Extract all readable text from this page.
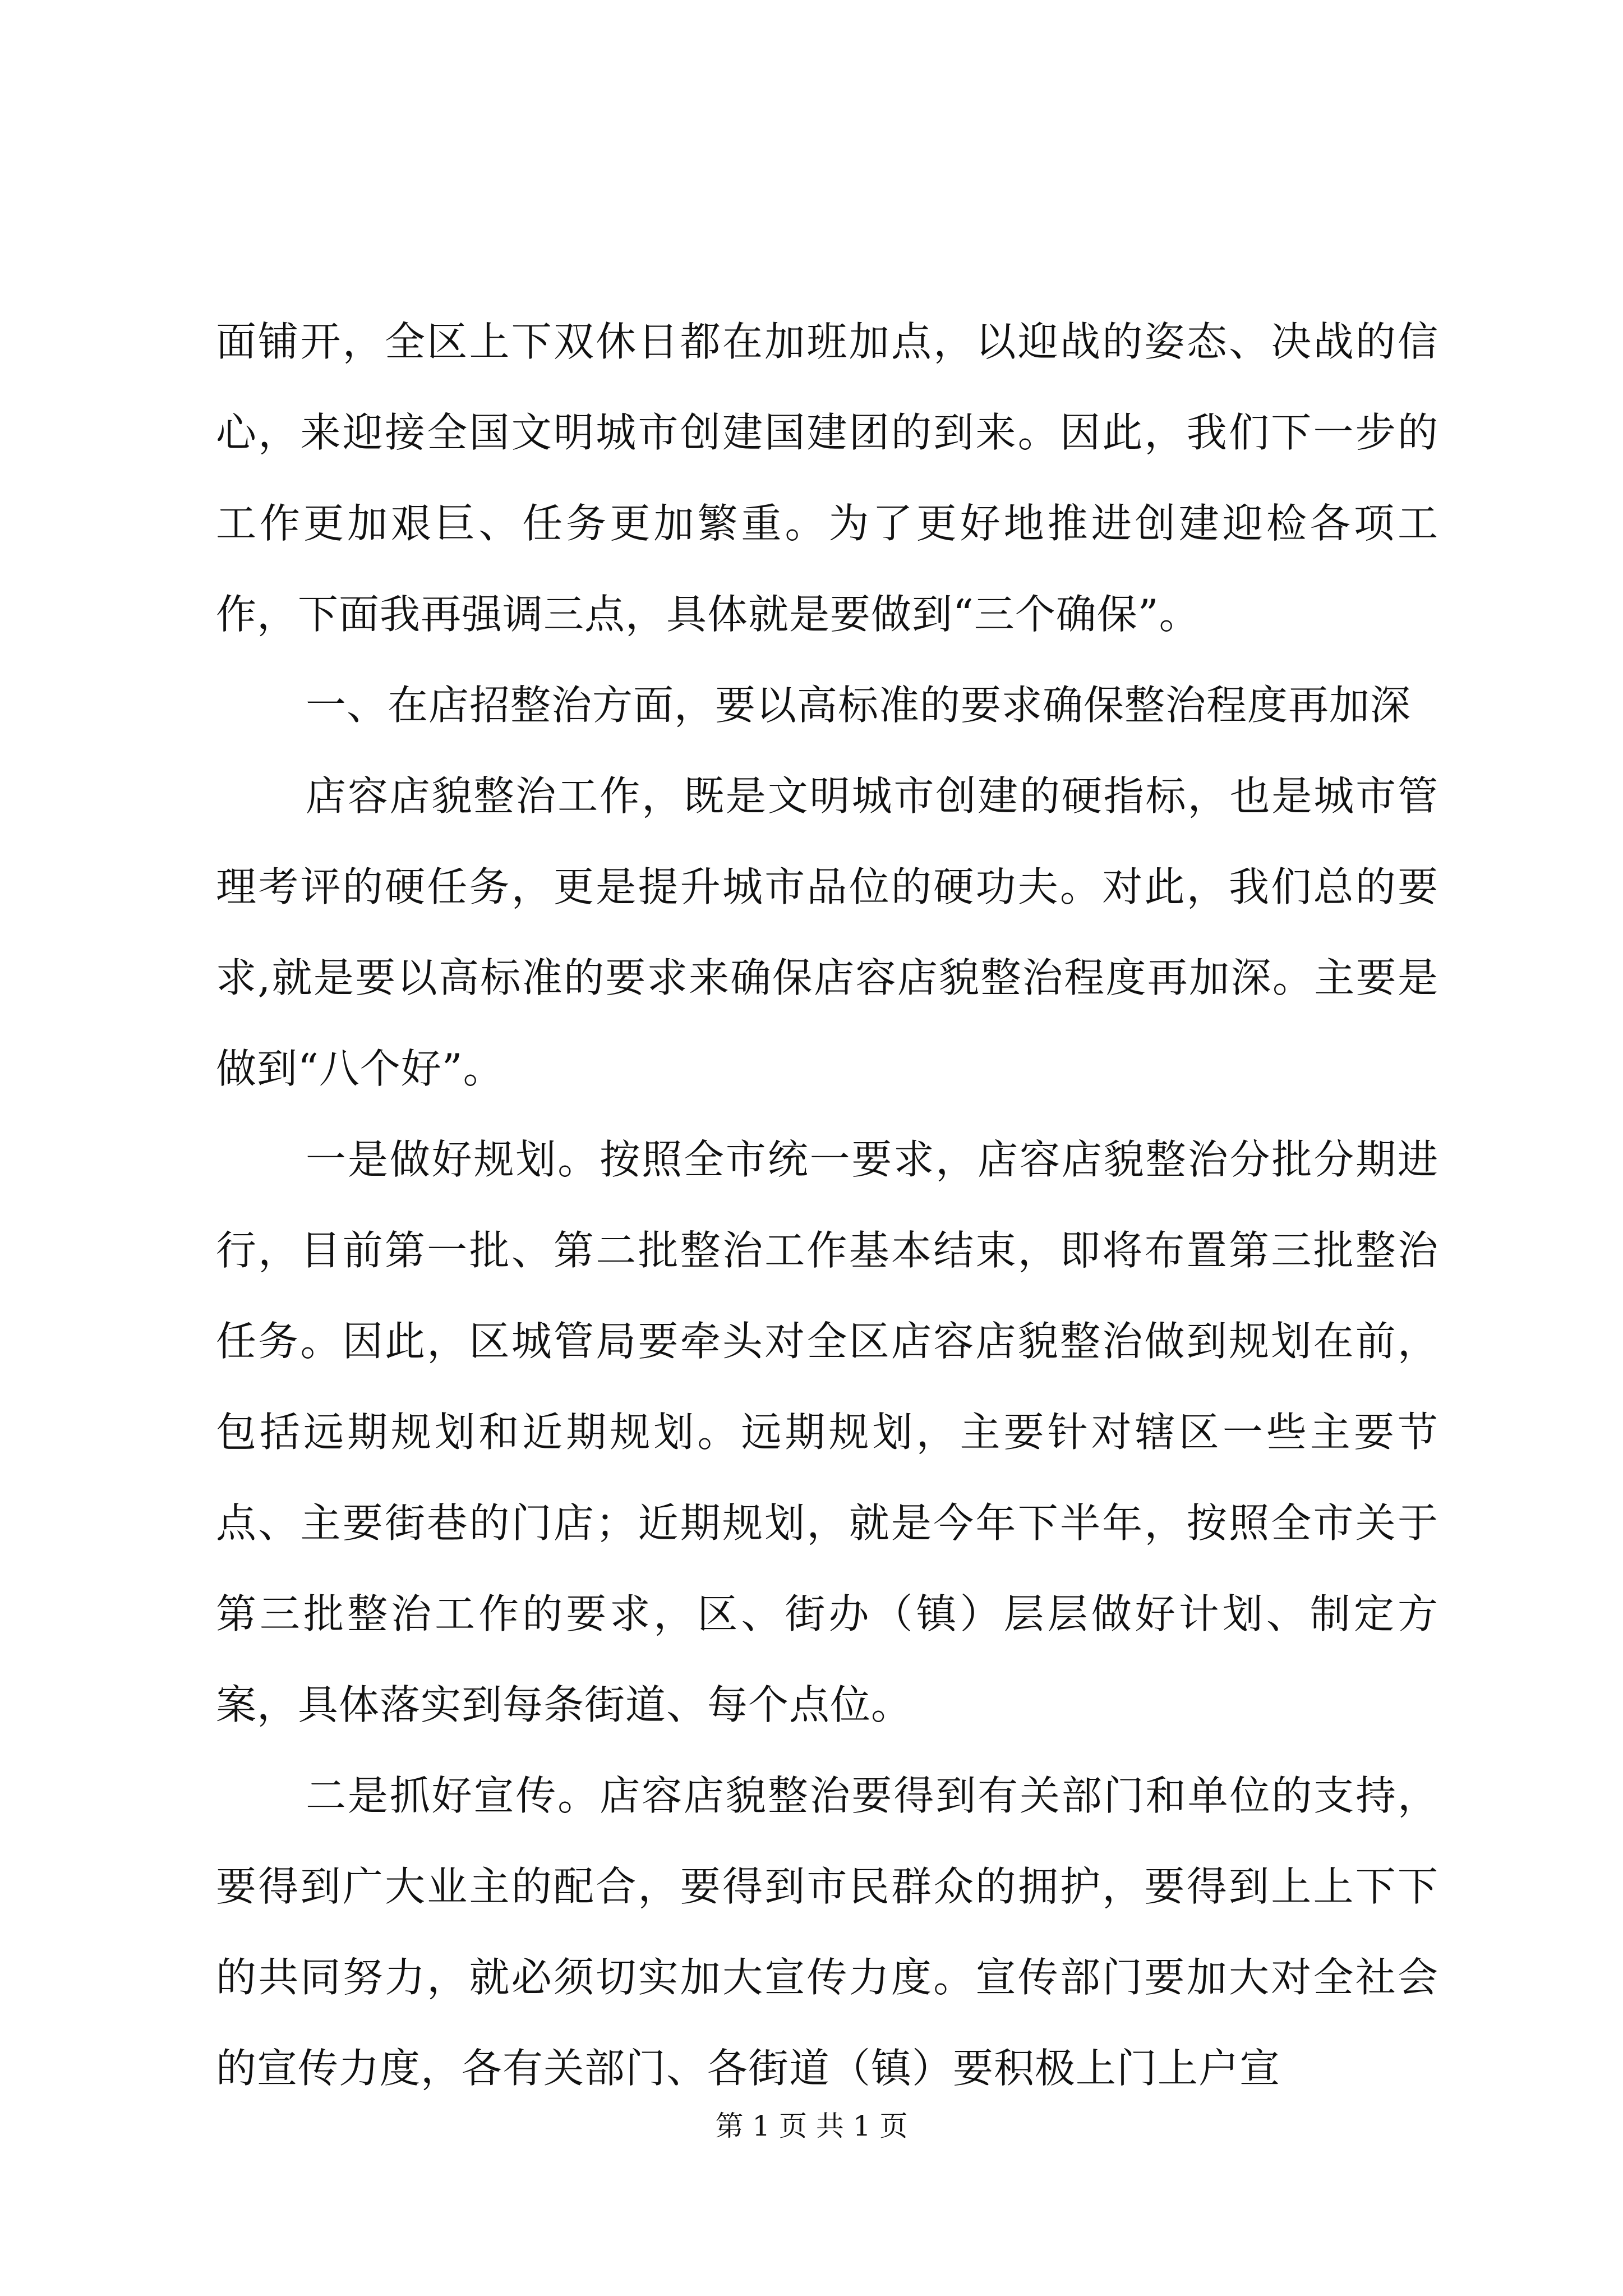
面铺开，全区上下双休日都在加班加点，以迎战的姿态、决战的信心，来迎接全国文明城市创建国建团的到来。因此，我们下一步的工作更加艰巨、任务更加繁重。为了更好地推进创建迎检各项工作，下面我再强调三点，具体就是要做到“三个确保”。

一、在店招整治方面，要以高标准的要求确保整治程度再加深

店容店貌整治工作，既是文明城市创建的硬指标，也是城市管理考评的硬任务，更是提升城市品位的硬功夫。对此，我们总的要求,就是要以高标准的要求来确保店容店貌整治程度再加深。主要是做到“八个好”。

一是做好规划。按照全市统一要求，店容店貌整治分批分期进行，目前第一批、第二批整治工作基本结束，即将布置第三批整治任务。因此，区城管局要牵头对全区店容店貌整治做到规划在前，包括远期规划和近期规划。远期规划，主要针对辖区一些主要节点、主要街巷的门店；近期规划，就是今年下半年，按照全市关于第三批整治工作的要求，区、街办（镇）层层做好计划、制定方案，具体落实到每条街道、每个点位。

二是抓好宣传。店容店貌整治要得到有关部门和单位的支持，要得到广大业主的配合，要得到市民群众的拥护，要得到上上下下的共同努力，就必须切实加大宣传力度。宣传部门要加大对全社会的宣传力度，各有关部门、各街道（镇）要积极上门上户宣

第 1 页 共 1 页
